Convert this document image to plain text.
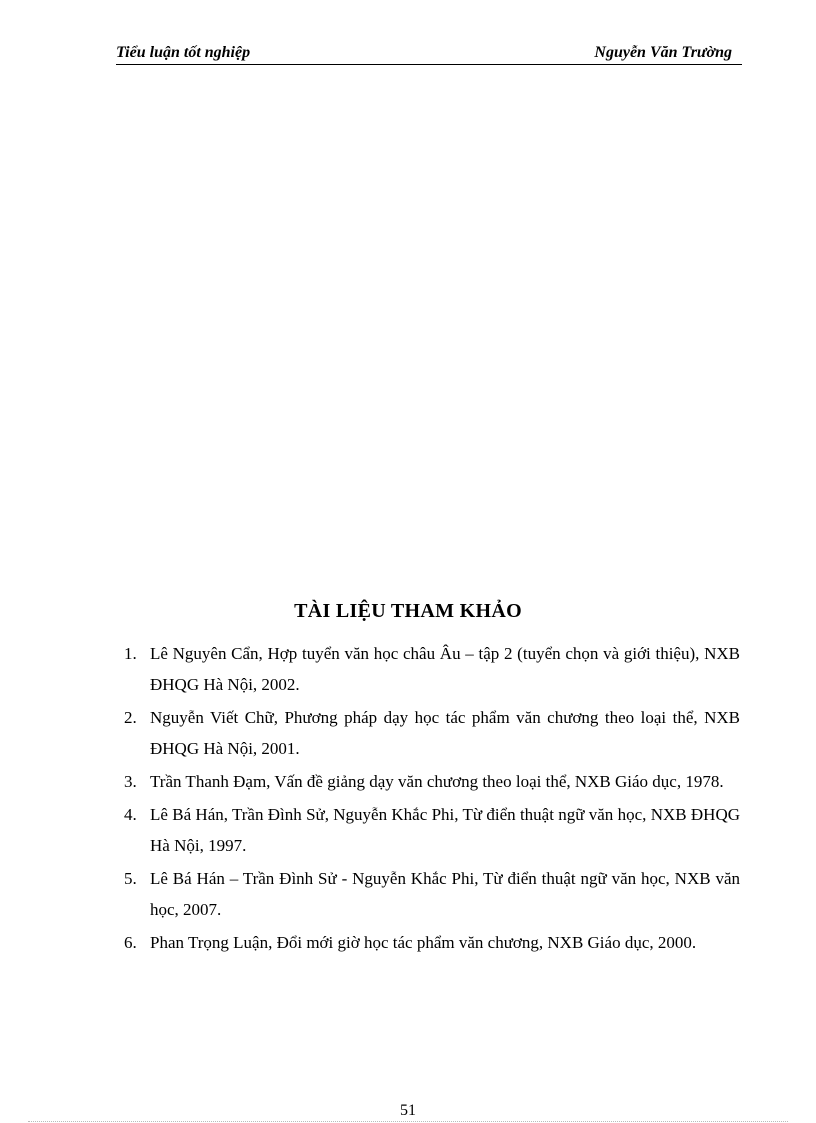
Tiểu luận tốt nghiệp	Nguyễn Văn Trường
TÀI LIỆU THAM KHẢO
1. Lê Nguyên Cẩn, Hợp tuyển văn học châu Âu – tập 2 (tuyển chọn và giới thiệu), NXB ĐHQG Hà Nội, 2002.
2. Nguyễn Viết Chữ, Phương pháp dạy học tác phẩm văn chương theo loại thể, NXB ĐHQG Hà Nội, 2001.
3. Trần Thanh Đạm, Vấn đề giảng dạy văn chương theo loại thể, NXB Giáo dục, 1978.
4. Lê Bá Hán, Trần Đình Sử, Nguyễn Khắc Phi, Từ điển thuật ngữ văn học, NXB ĐHQG Hà Nội, 1997.
5. Lê Bá Hán – Trần Đình Sử - Nguyễn Khắc Phi, Từ điển thuật ngữ văn học, NXB văn học, 2007.
6. Phan Trọng Luận, Đổi mới giờ học tác phẩm văn chương, NXB Giáo dục, 2000.
51
